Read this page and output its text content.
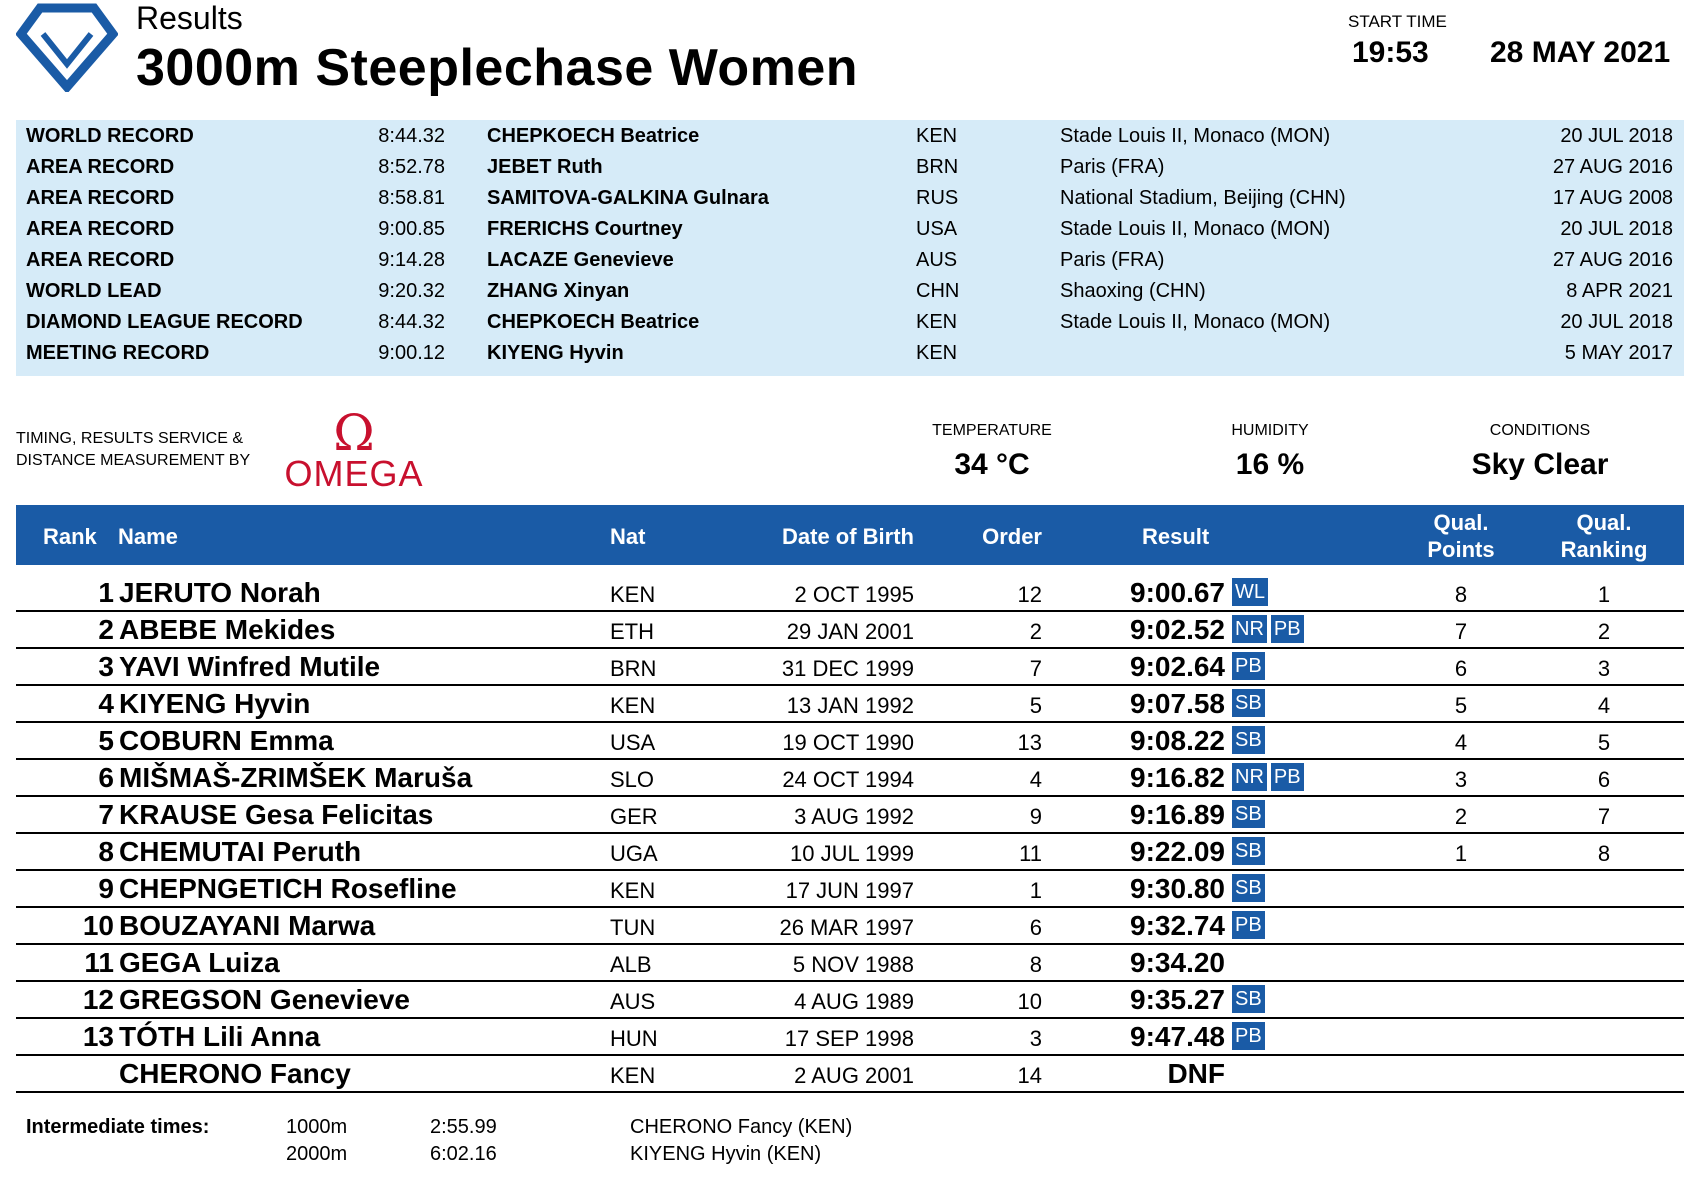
Results
3000m Steeplechase Women
START TIME
19:53 28 MAY 2021
WORLD RECORD	8:44.32 CHEPKOECH Beatrice	KEN	Stade Louis II, Monaco (MON)	20 JUL 2018
AREA RECORD	8:52.78 JEBET Ruth	BRN	Paris (FRA)	27 AUG 2016
AREA RECORD	8:58.81 SAMITOVA-GALKINA Gulnara	RUS	National Stadium, Beijing (CHN)	17 AUG 2008
AREA RECORD	9:00.85 FRERICHS Courtney	USA	Stade Louis II, Monaco (MON)	20 JUL 2018
AREA RECORD	9:14.28 LACAZE Genevieve	AUS	Paris (FRA)	27 AUG 2016
WORLD LEAD	9:20.32 ZHANG Xinyan	CHN	Shaoxing (CHN)	8 APR 2021
DIAMOND LEAGUE RECORD	8:44.32 CHEPKOECH Beatrice	KEN	Stade Louis II, Monaco (MON)	20 JUL 2018
MEETING RECORD	9:00.12 KIYENG Hyvin	KEN	5 MAY 2017
TIMING, RESULTS SERVICE &
DISTANCE MEASUREMENT BY Ω
OMEGA
TEMPERATURE
34 °C
HUMIDITY
16 %
CONDITIONS
Sky Clear
Rank Name	Nat	Date of Birth	Order	Result
Qual.
Points
Qual.
Ranking
1 JERUTO Norah	KEN	2 OCT 1995	12	9:00.67 WL	8	1
2 ABEBE Mekides	ETH	29 JAN 2001	2	9:02.52 NR PB	7	2
3 YAVI Winfred Mutile	BRN	31 DEC 1999	7	9:02.64 PB	6	3
4 KIYENG Hyvin	KEN	13 JAN 1992	5	9:07.58 SB	5	4
5 COBURN Emma	USA	19 OCT 1990	13	9:08.22 SB	4	5
6 MIŠMAŠ-ZRIMŠEK Maruša	SLO	24 OCT 1994	4	9:16.82 NR PB	3	6
7 KRAUSE Gesa Felicitas	GER	3 AUG 1992	9	9:16.89 SB	2	7
8 CHEMUTAI Peruth	UGA	10 JUL 1999	11	9:22.09 SB	1	8
9 CHEPNGETICH Rosefline	KEN	17 JUN 1997	1	9:30.80 SB
10 BOUZAYANI Marwa	TUN	26 MAR 1997	6	9:32.74 PB
11 GEGA Luiza	ALB	5 NOV 1988	8	9:34.20
12 GREGSON Genevieve	AUS	4 AUG 1989	10	9:35.27 SB
13 TÓTH Lili Anna	HUN	17 SEP 1998	3	9:47.48 PB
CHERONO Fancy	KEN	2 AUG 2001	14	DNF
Intermediate times:	1000m	2:55.99	CHERONO Fancy (KEN)
2000m	6:02.16	KIYENG Hyvin (KEN)
